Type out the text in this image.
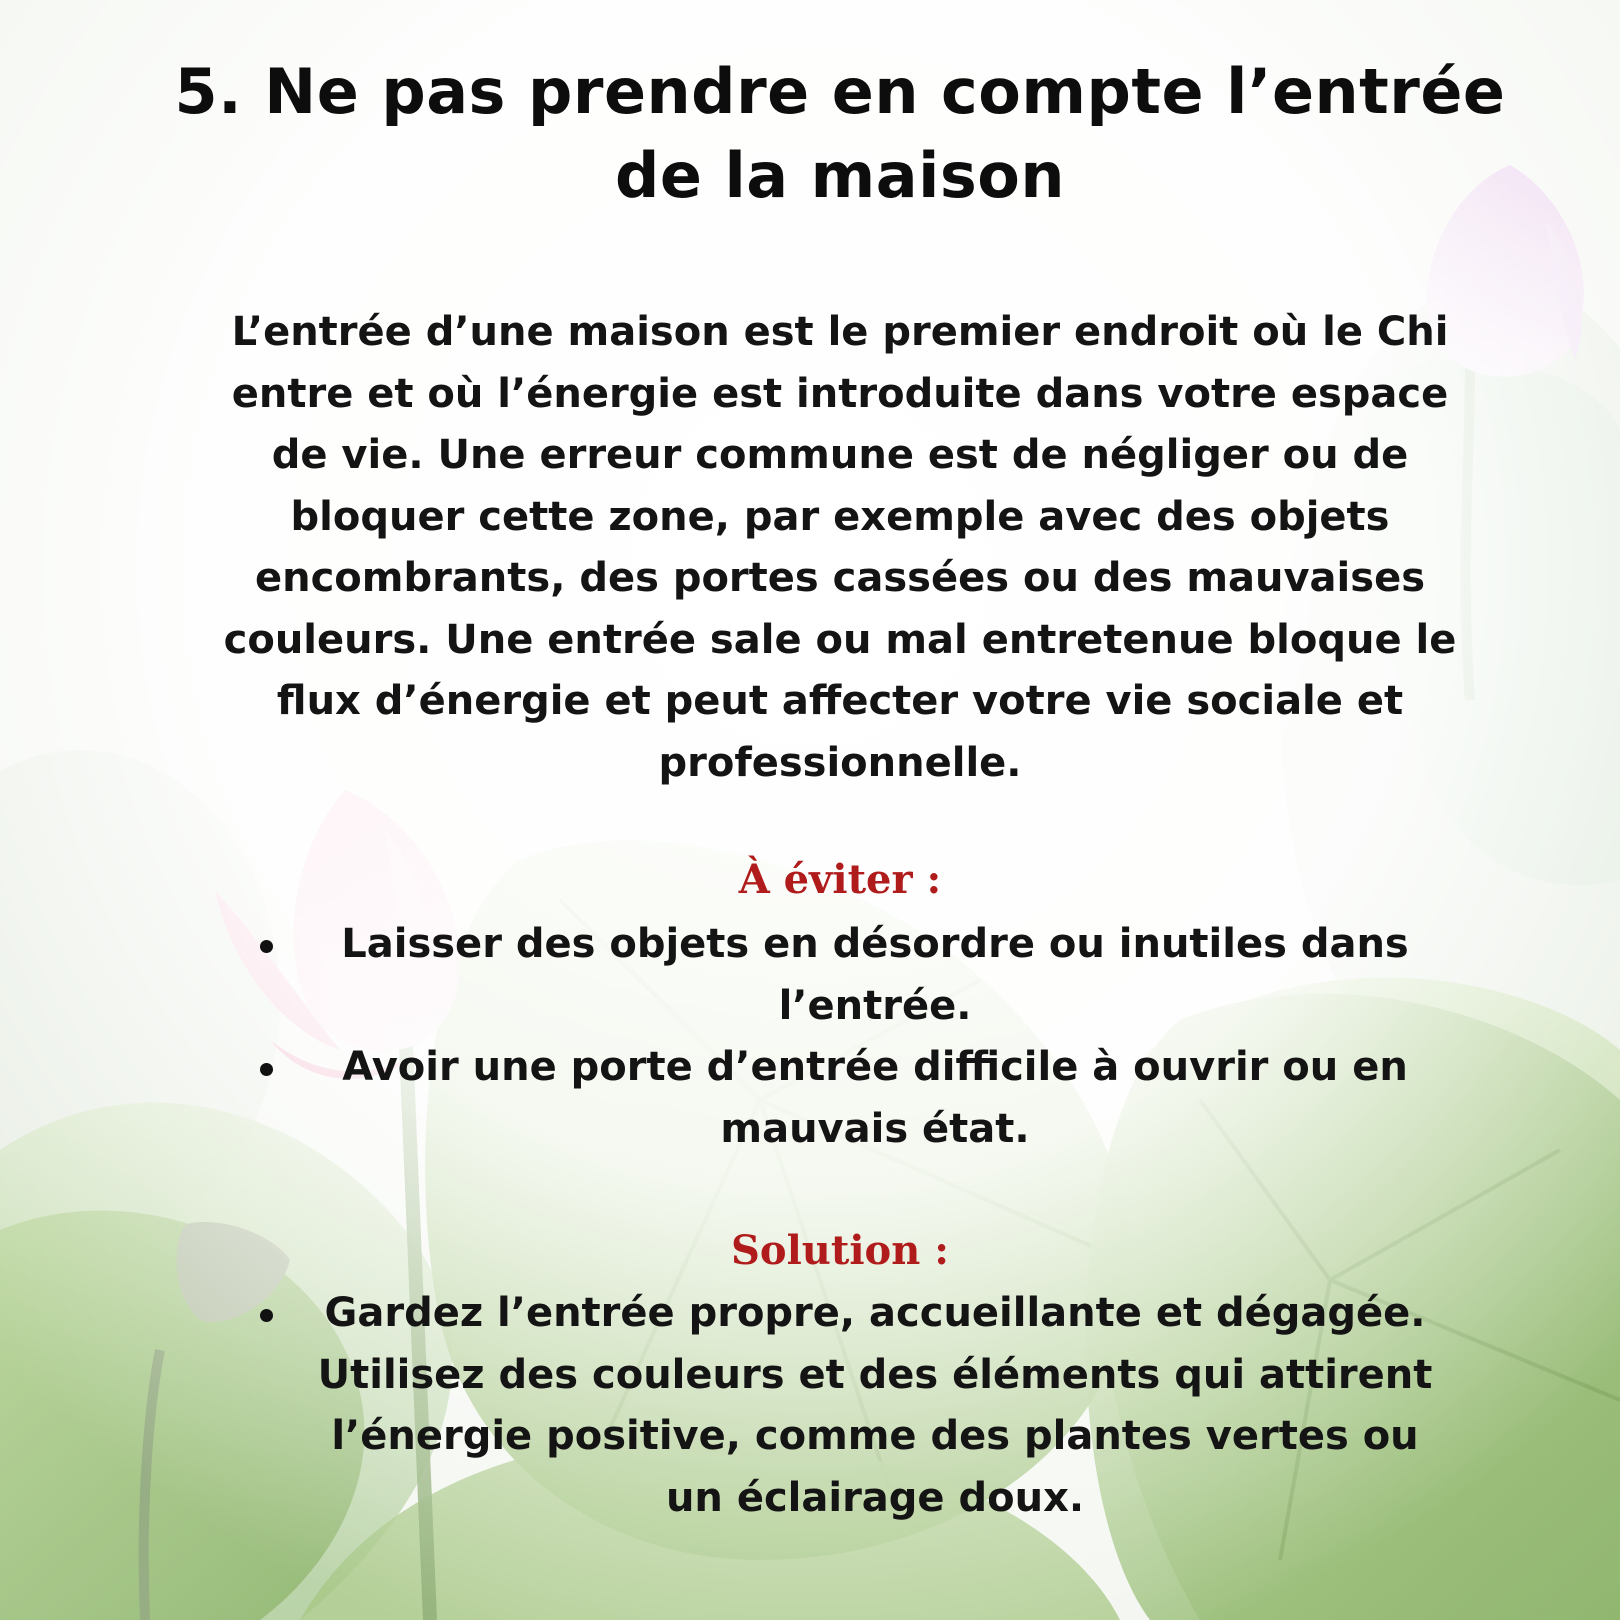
5. Ne pas prendre en compte l’entrée de la maison

L’entrée d’une maison est le premier endroit où le Chi entre et où l’énergie est introduite dans votre espace de vie. Une erreur commune est de négliger ou de bloquer cette zone, par exemple avec des objets encombrants, des portes cassées ou des mauvaises couleurs. Une entrée sale ou mal entretenue bloque le flux d’énergie et peut affecter votre vie sociale et professionnelle.

À éviter :
Laisser des objets en désordre ou inutiles dans l’entrée.
Avoir une porte d’entrée difficile à ouvrir ou en mauvais état.
Solution :
Gardez l’entrée propre, accueillante et dégagée. Utilisez des couleurs et des éléments qui attirent l’énergie positive, comme des plantes vertes ou un éclairage doux.
